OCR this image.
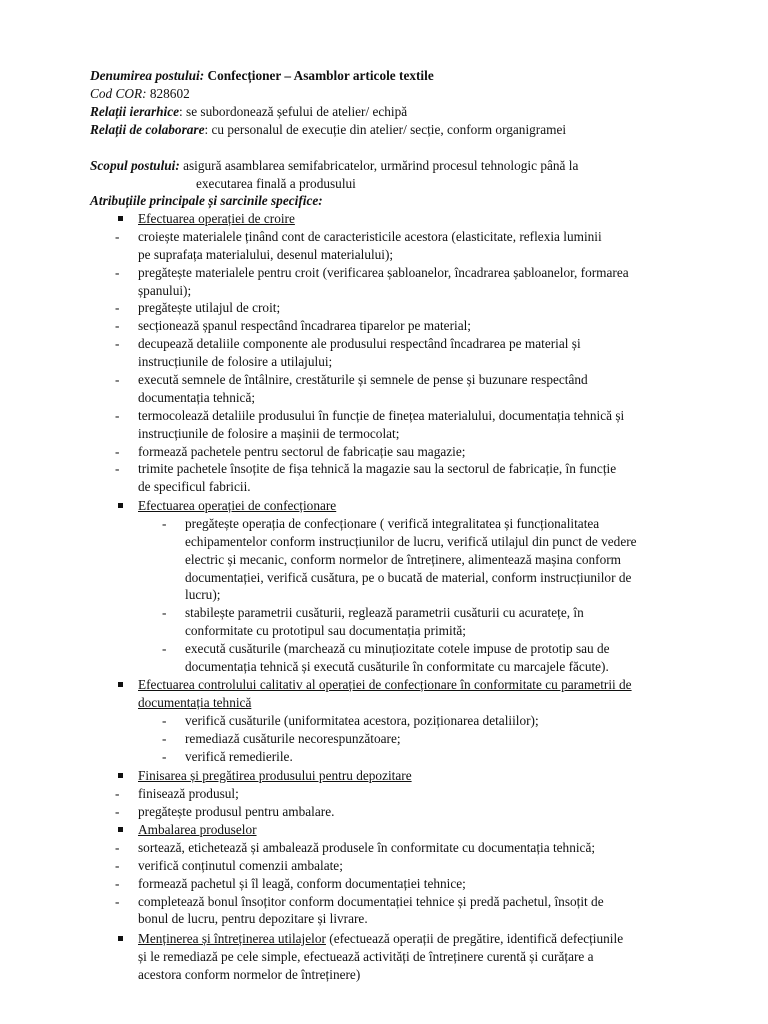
Denumirea postului: Confecționer – Asamblor articole textile
Cod COR: 828602
Relații ierarhice: se subordonează șefului de atelier/ echipă
Relații de colaborare: cu personalul de execuție din atelier/ secție, conform organigramei
Scopul postului: asigură asamblarea semifabricatelor, urmărind procesul tehnologic până la
executarea finală a produsului
Atribuțiile principale și sarcinile specifice:
Efectuarea operației de croire
- croiește materialele ținând cont de caracteristicile acestora (elasticitate, reflexia luminii
pe suprafața materialului, desenul materialului);
- pregătește materialele pentru croit (verificarea șabloanelor, încadrarea șabloanelor, formarea
șpanului);
- pregătește utilajul de croit;
- secționează șpanul respectând încadrarea tiparelor pe material;
- decupează detaliile componente ale produsului respectând încadrarea pe material și
instrucțiunile de folosire a utilajului;
- execută semnele de întâlnire, crestăturile și semnele de pense și buzunare respectând
documentația tehnică;
- termocolează detaliile produsului în funcție de finețea materialului, documentația tehnică și
instrucțiunile de folosire a mașinii de termocolat;
- formează pachetele pentru sectorul de fabricație sau magazie;
- trimite pachetele însoțite de fișa tehnică la magazie sau la sectorul de fabricație, în funcție
de specificul fabricii.
Efectuarea operației de confecționare
- pregătește operația de confecționare ( verifică integralitatea și funcționalitatea
echipamentelor conform instrucțiunilor de lucru, verifică utilajul din punct de vedere
electric și mecanic, conform normelor de întreținere, alimentează mașina conform
documentației, verifică cusătura, pe o bucată de material, conform instrucțiunilor de
lucru);
- stabilește parametrii cusăturii, reglează parametrii cusăturii cu acuratețe, în
conformitate cu prototipul sau documentația primită;
- execută cusăturile (marchează cu minuțiozitate cotele impuse de prototip sau de
documentația tehnică și execută cusăturile în conformitate cu marcajele făcute).
Efectuarea controlului calitativ al operației de confecționare în conformitate cu parametrii de
documentația tehnică
- verifică cusăturile (uniformitatea acestora, poziționarea detaliilor);
- remediază cusăturile necorespunzătoare;
- verifică remedierile.
Finisarea și pregătirea produsului pentru depozitare
- finisează produsul;
- pregătește produsul pentru ambalare.
Ambalarea produselor
- sortează, etichetează și ambalează produsele în conformitate cu documentația tehnică;
- verifică conținutul comenzii ambalate;
- formează pachetul și îl leagă, conform documentației tehnice;
- completează bonul însoțitor conform documentației tehnice și predă pachetul, însoțit de
bonul de lucru, pentru depozitare și livrare.
Menținerea și întreținerea utilajelor (efectuează operații de pregătire, identifică defecțiunile
și le remediază pe cele simple, efectuează activități de întreținere curentă și curățare a
acestora conform normelor de întreținere)
